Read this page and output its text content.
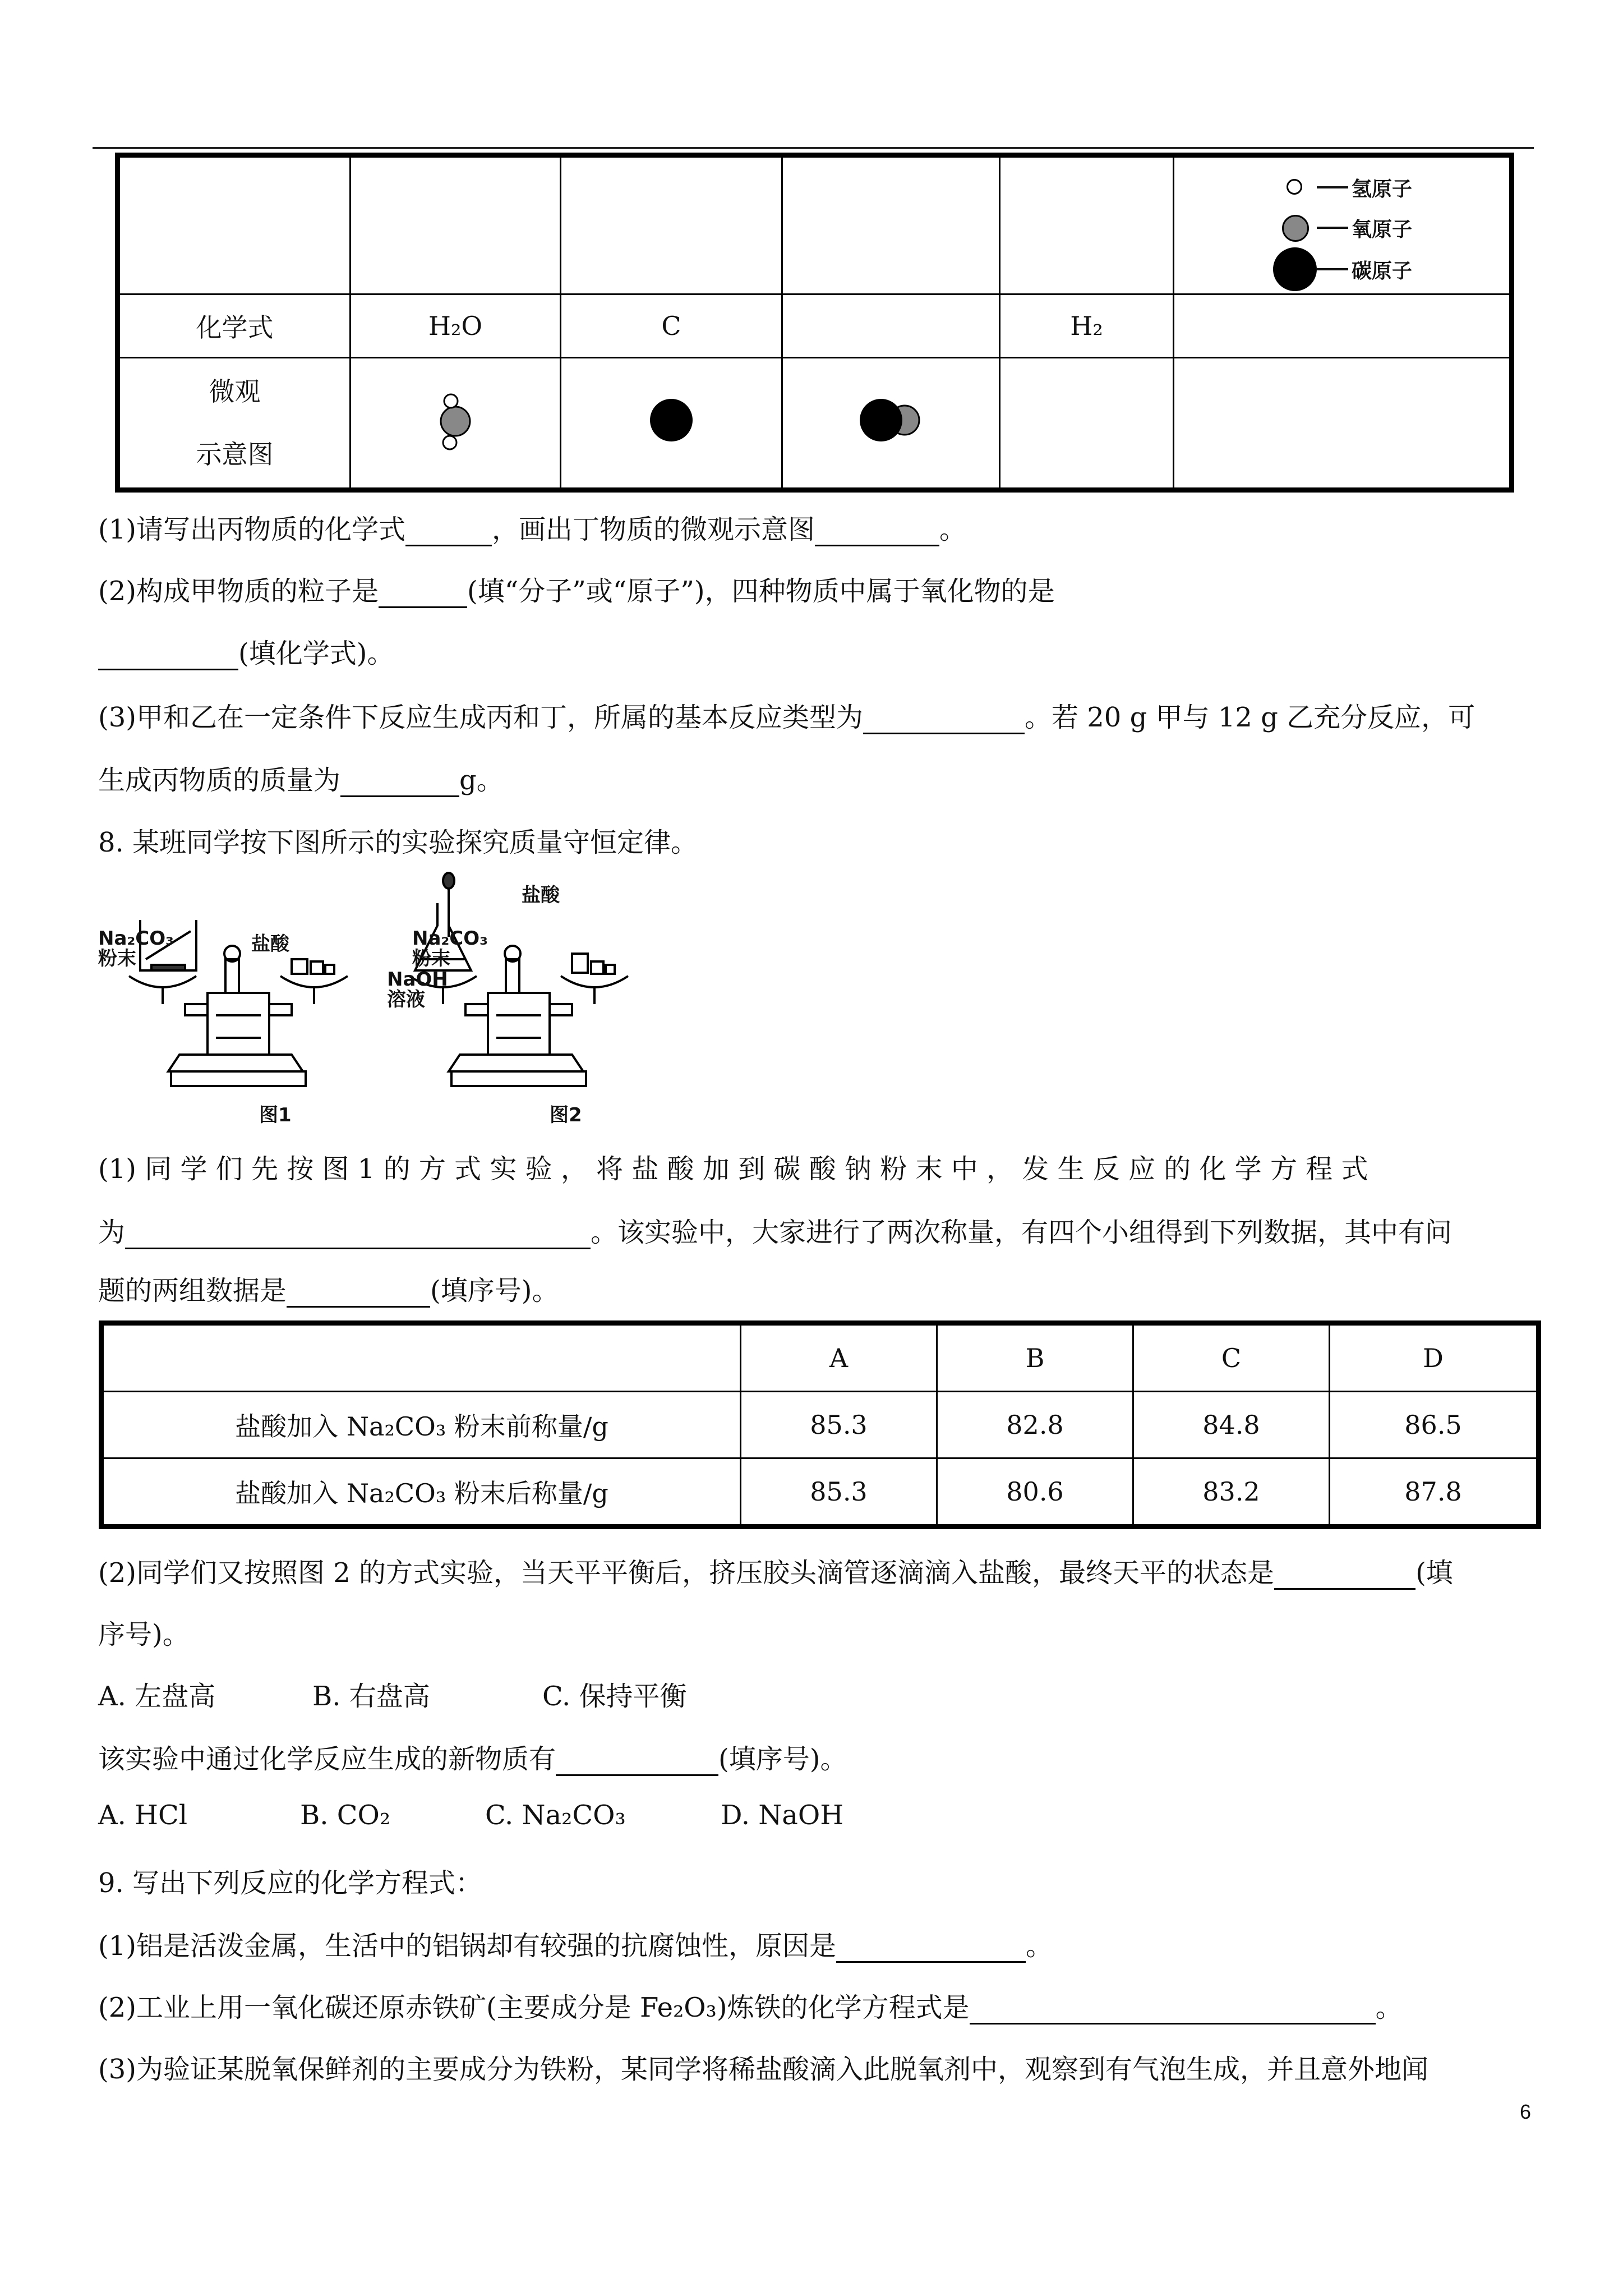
					氢原子
氧原子
碳原子

化学式	H₂O	C		H₂	

微观
示意图

(1)请写出丙物质的化学式	，画出丁物质的微观示意图	。

(2)构成甲物质的粒子是	(填“分子”或“原子”)，四种物质中属于氧化物的是

(填化学式)。

(3)甲和乙在一定条件下反应生成丙和丁，所属的基本反应类型为	。若 20 g 甲与 12 g 乙充分反应，可

生成丙物质的质量为	g。

8. 某班同学按下图所示的实验探究质量守恒定律。

Na₂CO₃
粉末
盐酸
盐酸
Na₂CO₃
粉末
NaOH
溶液
图1	图2

(1) 同 学 们 先 按 图 1 的 方 式 实 验 ， 将 盐 酸 加 到 碳 酸 钠 粉 末 中 ， 发 生 反 应 的 化 学 方 程 式

为	。该实验中，大家进行了两次称量，有四个小组得到下列数据，其中有问

题的两组数据是	(填序号)。

	A	B	C	D
盐酸加入 Na₂CO₃ 粉末前称量/g	85.3	82.8	84.8	86.5
盐酸加入 Na₂CO₃ 粉末后称量/g	85.3	80.6	83.2	87.8

(2)同学们又按照图 2 的方式实验，当天平平衡后，挤压胶头滴管逐滴滴入盐酸，最终天平的状态是	(填

序号)。

A. 左盘高	B. 右盘高	C. 保持平衡

该实验中通过化学反应生成的新物质有	(填序号)。

A. HCl	B. CO₂	C. Na₂CO₃	D. NaOH

9. 写出下列反应的化学方程式：

(1)铝是活泼金属，生活中的铝锅却有较强的抗腐蚀性，原因是	。

(2)工业上用一氧化碳还原赤铁矿(主要成分是 Fe₂O₃)炼铁的化学方程式是	。

(3)为验证某脱氧保鲜剂的主要成分为铁粉，某同学将稀盐酸滴入此脱氧剂中，观察到有气泡生成，并且意外地闻

6
